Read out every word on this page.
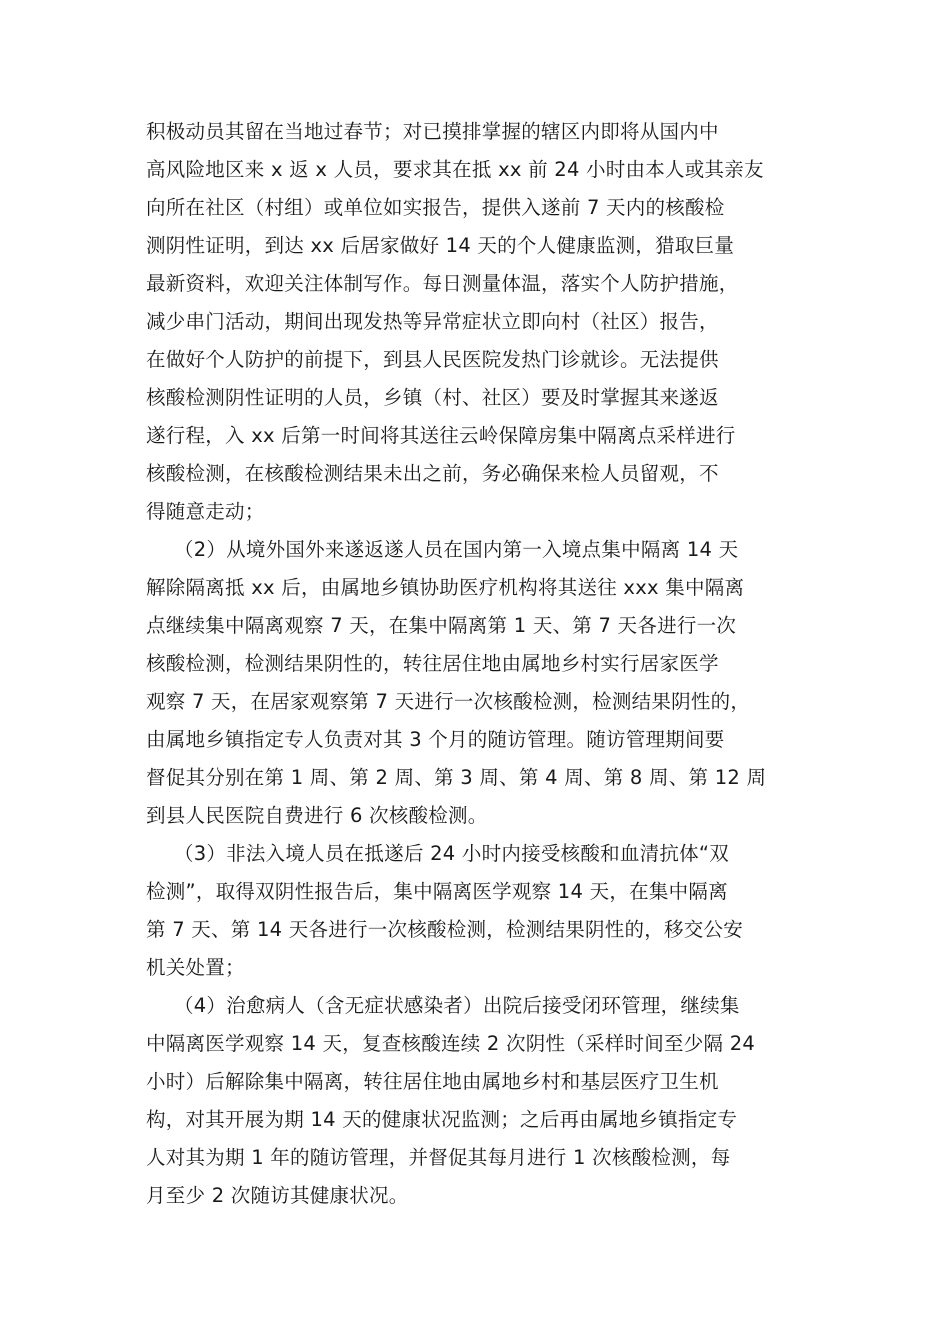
积极动员其留在当地过春节；对已摸排掌握的辖区内即将从国内中
高风险地区来 x 返 x 人员，要求其在抵 xx 前 24 小时由本人或其亲友
向所在社区（村组）或单位如实报告，提供入遂前 7 天内的核酸检
测阴性证明，到达 xx 后居家做好 14 天的个人健康监测，猎取巨量
最新资料，欢迎关注体制写作。每日测量体温，落实个人防护措施，
减少串门活动，期间出现发热等异常症状立即向村（社区）报告，
在做好个人防护的前提下，到县人民医院发热门诊就诊。无法提供
核酸检测阴性证明的人员，乡镇（村、社区）要及时掌握其来遂返
遂行程，入 xx 后第一时间将其送往云岭保障房集中隔离点采样进行
核酸检测，在核酸检测结果未出之前，务必确保来检人员留观，不
得随意走动；
（2）从境外国外来遂返遂人员在国内第一入境点集中隔离 14 天
解除隔离抵 xx 后，由属地乡镇协助医疗机构将其送往 xxx 集中隔离
点继续集中隔离观察 7 天，在集中隔离第 1 天、第 7 天各进行一次
核酸检测，检测结果阴性的，转往居住地由属地乡村实行居家医学
观察 7 天，在居家观察第 7 天进行一次核酸检测，检测结果阴性的，
由属地乡镇指定专人负责对其 3 个月的随访管理。随访管理期间要
督促其分别在第 1 周、第 2 周、第 3 周、第 4 周、第 8 周、第 12 周
到县人民医院自费进行 6 次核酸检测。
（3）非法入境人员在抵遂后 24 小时内接受核酸和血清抗体“双
检测”，取得双阴性报告后，集中隔离医学观察 14 天，在集中隔离
第 7 天、第 14 天各进行一次核酸检测，检测结果阴性的，移交公安
机关处置；
（4）治愈病人（含无症状感染者）出院后接受闭环管理，继续集
中隔离医学观察 14 天，复查核酸连续 2 次阴性（采样时间至少隔 24
小时）后解除集中隔离，转往居住地由属地乡村和基层医疗卫生机
构，对其开展为期 14 天的健康状况监测；之后再由属地乡镇指定专
人对其为期 1 年的随访管理，并督促其每月进行 1 次核酸检测，每
月至少 2 次随访其健康状况。
